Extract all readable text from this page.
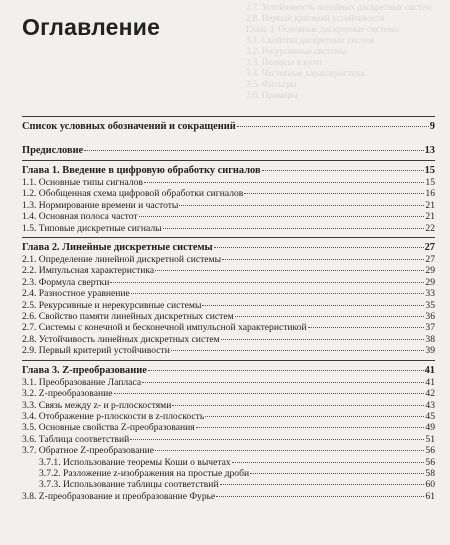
2.7. Устойчивость линейных дискретных систем
2.8. Первый критерий устойчивости
Глава 3. Основные дискретные системы
3.1. Свойства дискретных систем
3.2. Рекурсивные системы
3.3. Полюсы и нули
3.4. Частотные характеристики
3.5. Фильтры
3.6. Примеры
Оглавление
Список условных обозначений и сокращений	9
Предисловие	13
Глава 1. Введение в цифровую обработку сигналов	15
1.1. Основные типы сигналов	15
1.2. Обобщенная схема цифровой обработки сигналов	16
1.3. Нормирование времени и частоты	21
1.4. Основная полоса частот	21
1.5. Типовые дискретные сигналы	22
Глава 2. Линейные дискретные системы	27
2.1. Определение линейной дискретной системы	27
2.2. Импульсная характеристика	29
2.3. Формула свертки	29
2.4. Разностное уравнение	33
2.5. Рекурсивные и нерекурсивные системы	35
2.6. Свойство памяти линейных дискретных систем	36
2.7. Системы с конечной и бесконечной импульсной характеристикой	37
2.8. Устойчивость линейных дискретных систем	38
2.9. Первый критерий устойчивости	39
Глава 3. Z-преобразование	41
3.1. Преобразование Лапласа	41
3.2. Z-преобразование	42
3.3. Связь между z- и p-плоскостями	43
3.4. Отображение p-плоскости в z-плоскость	45
3.5. Основные свойства Z-преобразования	49
3.6. Таблица соответствий	51
3.7. Обратное Z-преобразование	56
3.7.1. Использование теоремы Коши о вычетах	56
3.7.2. Разложение z-изображения на простые дроби	58
3.7.3. Использование таблицы соответствий	60
3.8. Z-преобразование и преобразование Фурье	61
